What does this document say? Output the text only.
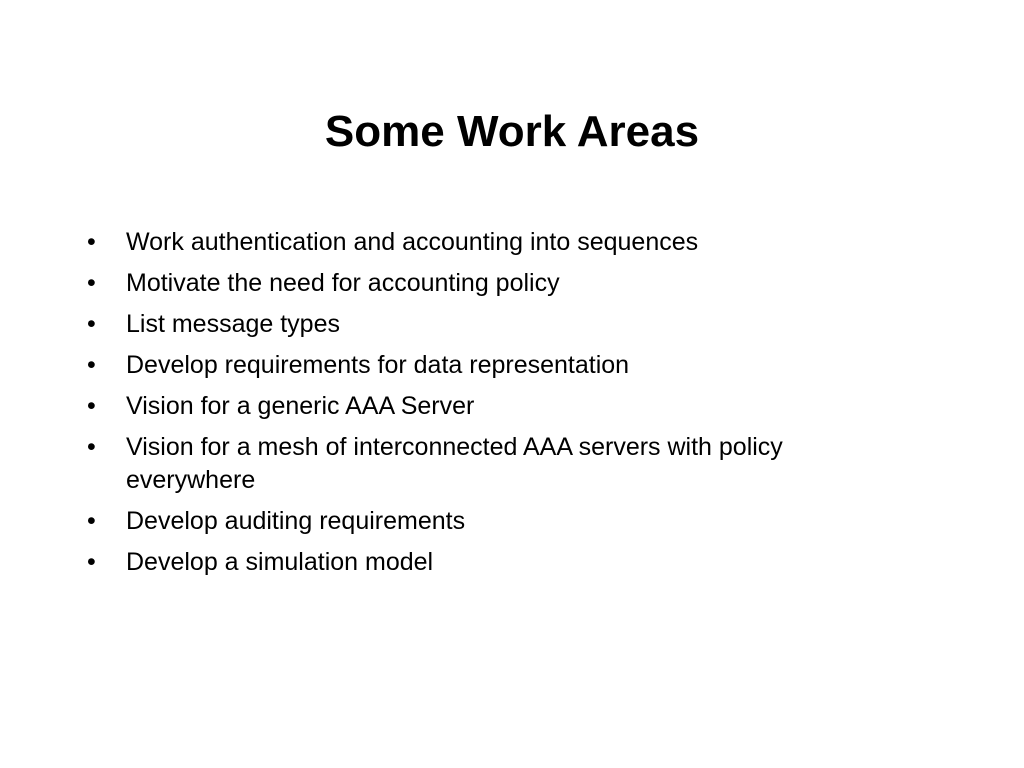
Some Work Areas
• Work authentication and accounting into sequences
• Motivate the need for accounting policy
• List message types
• Develop requirements for data representation
• Vision for a generic AAA Server
• Vision for a mesh of interconnected AAA servers with policy everywhere
• Develop auditing requirements
• Develop a simulation model
